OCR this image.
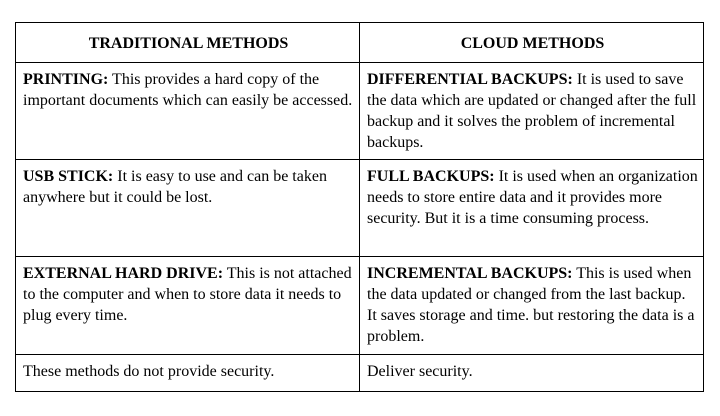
TRADITIONAL METHODS	CLOUD METHODS
PRINTING: This provides a hard copy of the important documents which can easily be accessed.	DIFFERENTIAL BACKUPS: It is used to save the data which are updated or changed after the full backup and it solves the problem of incremental backups.
USB STICK: It is easy to use and can be taken anywhere but it could be lost.	FULL BACKUPS: It is used when an organization needs to store entire data and it provides more security. But it is a time consuming process.
EXTERNAL HARD DRIVE: This is not attached to the computer and when to store data it needs to plug every time.	INCREMENTAL BACKUPS: This is used when the data updated or changed from the last backup. It saves storage and time. but restoring the data is a problem.
These methods do not provide security.	Deliver security.
